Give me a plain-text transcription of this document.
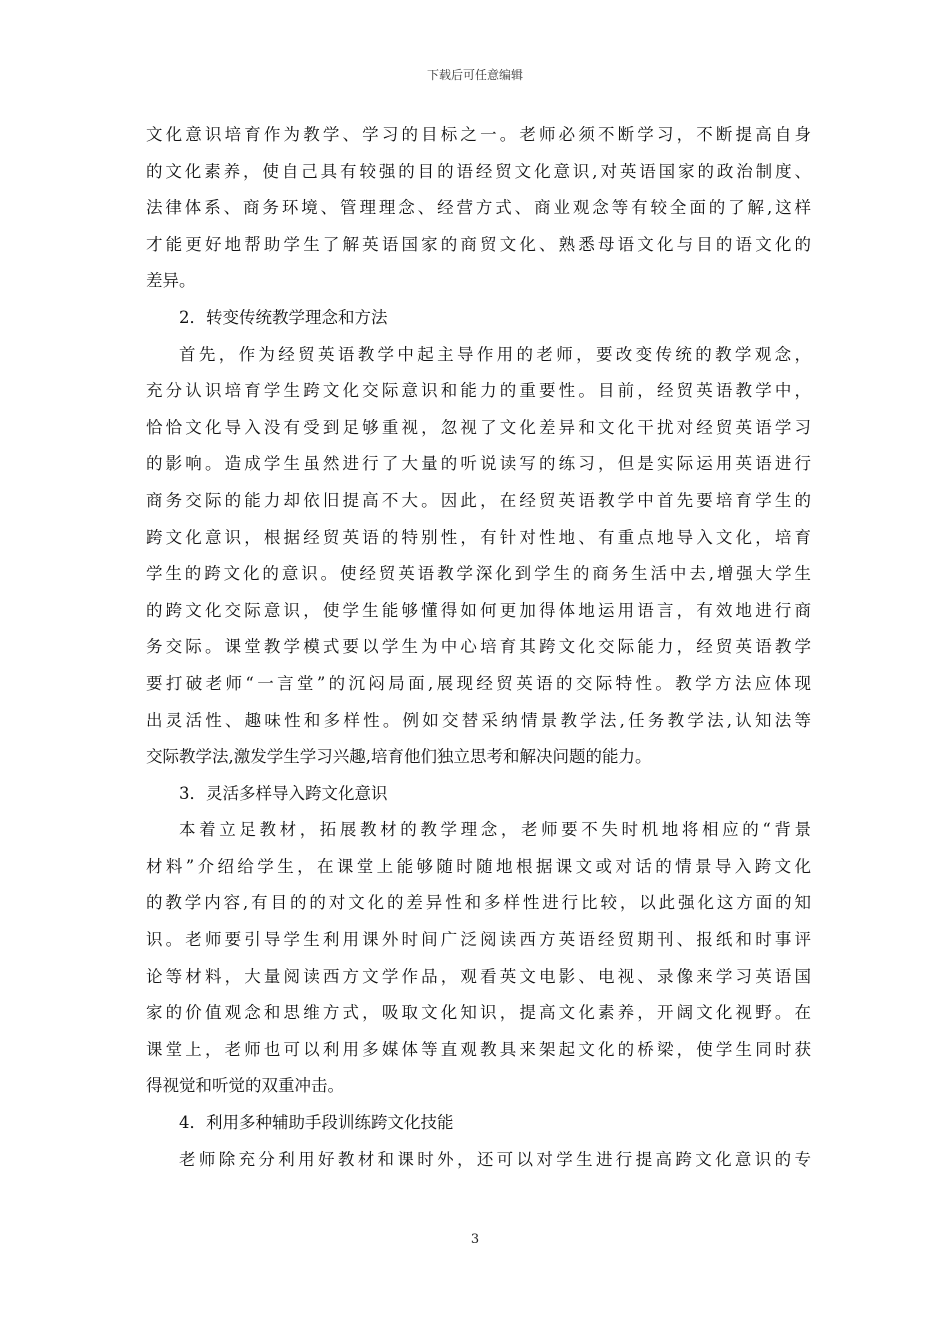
下载后可任意编辑
文化意识培育作为教学、学习的目标之一。老师必须不断学习，不断提高自身
的文化素养，使自己具有较强的目的语经贸文化意识,对英语国家的政治制度、
法律体系、商务环境、管理理念、经营方式、商业观念等有较全面的了解,这样
才能更好地帮助学生了解英语国家的商贸文化、熟悉母语文化与目的语文化的
差异。
2．转变传统教学理念和方法
首先，作为经贸英语教学中起主导作用的老师，要改变传统的教学观念，
充分认识培育学生跨文化交际意识和能力的重要性。目前，经贸英语教学中，
恰恰文化导入没有受到足够重视，忽视了文化差异和文化干扰对经贸英语学习
的影响。造成学生虽然进行了大量的听说读写的练习，但是实际运用英语进行
商务交际的能力却依旧提高不大。因此，在经贸英语教学中首先要培育学生的
跨文化意识，根据经贸英语的特别性，有针对性地、有重点地导入文化，培育
学生的跨文化的意识。使经贸英语教学深化到学生的商务生活中去,增强大学生
的跨文化交际意识，使学生能够懂得如何更加得体地运用语言，有效地进行商
务交际。课堂教学模式要以学生为中心培育其跨文化交际能力，经贸英语教学
要打破老师“一言堂”的沉闷局面,展现经贸英语的交际特性。教学方法应体现
出灵活性、趣味性和多样性。例如交替采纳情景教学法,任务教学法,认知法等
交际教学法,激发学生学习兴趣,培育他们独立思考和解决问题的能力。
3．灵活多样导入跨文化意识
本着立足教材，拓展教材的教学理念，老师要不失时机地将相应的“背景
材料”介绍给学生，在课堂上能够随时随地根据课文或对话的情景导入跨文化
的教学内容,有目的的对文化的差异性和多样性进行比较，以此强化这方面的知
识。老师要引导学生利用课外时间广泛阅读西方英语经贸期刊、报纸和时事评
论等材料，大量阅读西方文学作品，观看英文电影、电视、录像来学习英语国
家的价值观念和思维方式，吸取文化知识，提高文化素养，开阔文化视野。在
课堂上，老师也可以利用多媒体等直观教具来架起文化的桥梁，使学生同时获
得视觉和听觉的双重冲击。
4．利用多种辅助手段训练跨文化技能
老师除充分利用好教材和课时外，还可以对学生进行提高跨文化意识的专
3
